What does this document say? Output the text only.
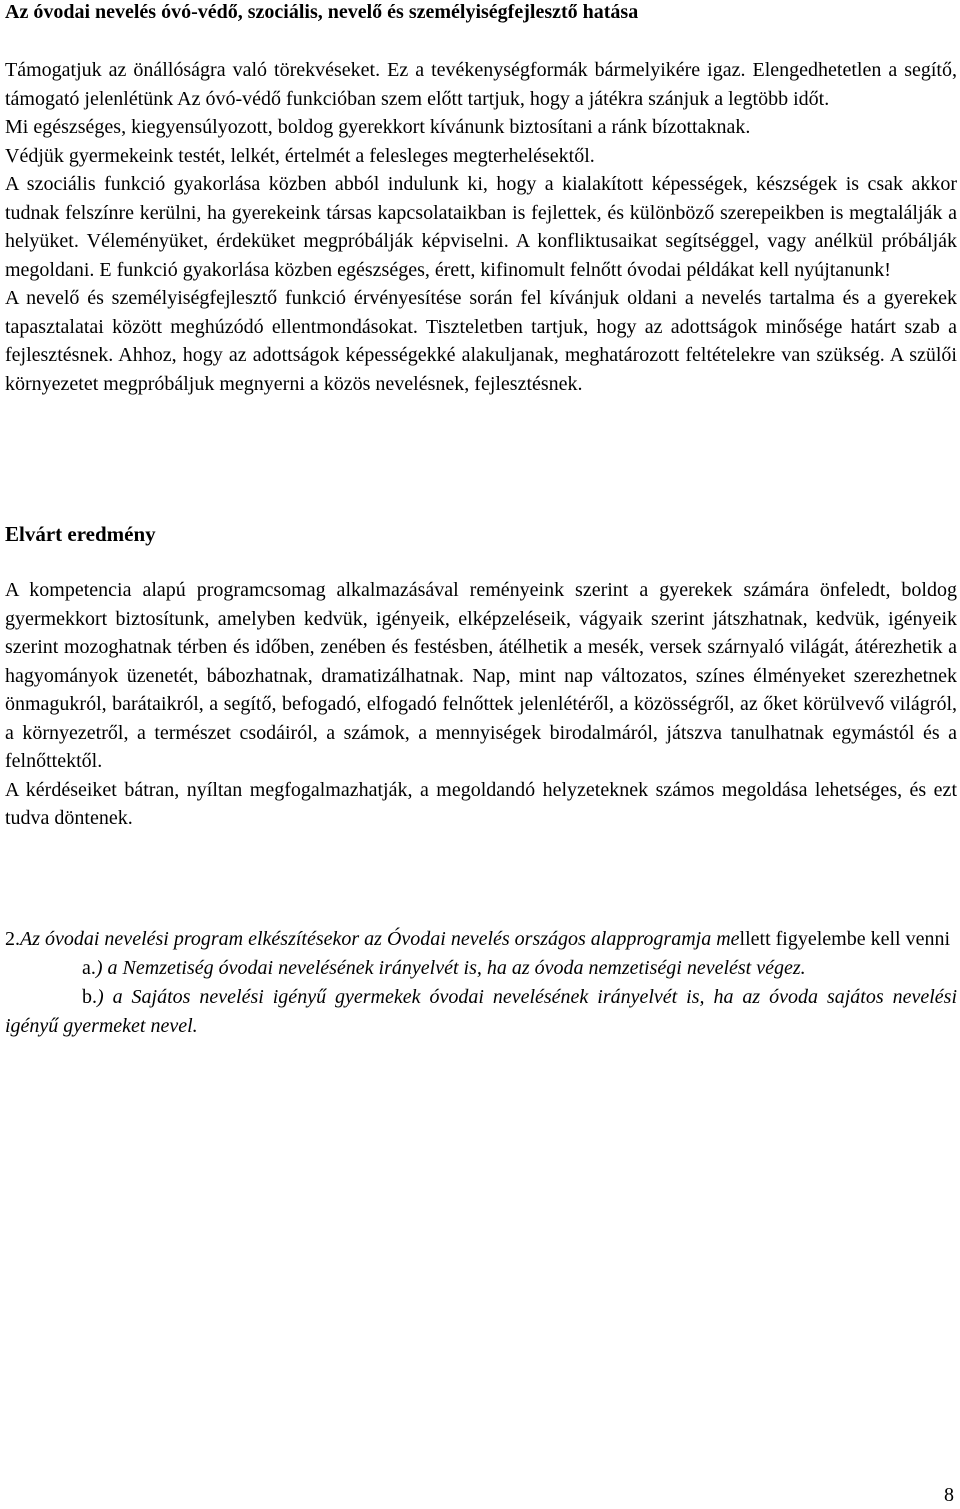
Az óvodai nevelés óvó-védő, szociális, nevelő és személyiségfejlesztő hatása

Támogatjuk az önállóságra való törekvéseket. Ez a tevékenységformák bármelyikére igaz. Elengedhetetlen a segítő, támogató jelenlétünk Az óvó-védő funkcióban szem előtt tartjuk, hogy a játékra szánjuk a legtöbb időt.

Mi egészséges, kiegyensúlyozott, boldog gyerekkort kívánunk biztosítani a ránk bízottaknak.

Védjük gyermekeink testét, lelkét, értelmét a felesleges megterhelésektől.

A szociális funkció gyakorlása közben abból indulunk ki, hogy a kialakított képességek, készségek is csak akkor tudnak felszínre kerülni, ha gyerekeink társas kapcsolataikban is fejlettek, és különböző szerepeikben is megtalálják a helyüket. Véleményüket, érdeküket megpróbálják képviselni. A konfliktusaikat segítséggel, vagy anélkül próbálják megoldani. E funkció gyakorlása közben egészséges, érett, kifinomult felnőtt óvodai példákat kell nyújtanunk!

A nevelő és személyiségfejlesztő funkció érvényesítése során fel kívánjuk oldani a nevelés tartalma és a gyerekek tapasztalatai között meghúzódó ellentmondásokat. Tiszteletben tartjuk, hogy az adottságok minősége határt szab a fejlesztésnek. Ahhoz, hogy az adottságok képességekké alakuljanak, meghatározott feltételekre van szükség. A szülői környezetet megpróbáljuk megnyerni a közös nevelésnek, fejlesztésnek.

Elvárt eredmény

A kompetencia alapú programcsomag alkalmazásával reményeink szerint a gyerekek számára önfeledt, boldog gyermekkort biztosítunk, amelyben kedvük, igényeik, elképzeléseik, vágyaik szerint játszhatnak, kedvük, igényeik szerint mozoghatnak térben és időben, zenében és festésben, átélhetik a mesék, versek szárnyaló világát, átérezhetik a hagyományok üzenetét, bábozhatnak, dramatizálhatnak. Nap, mint nap változatos, színes élményeket szerezhetnek önmagukról, barátaikról, a segítő, befogadó, elfogadó felnőttek jelenlétéről, a közösségről, az őket körülvevő világról, a környezetről, a természet csodáiról, a számok, a mennyiségek birodalmáról, játszva tanulhatnak egymástól és a felnőttektől.

A kérdéseiket bátran, nyíltan megfogalmazhatják, a megoldandó helyzeteknek számos megoldása lehetséges, és ezt tudva döntenek.

2.Az óvodai nevelési program elkészítésekor az Óvodai nevelés országos alapprogramja mellett figyelembe kell venni

a.) a Nemzetiség óvodai nevelésének irányelvét is, ha az óvoda nemzetiségi nevelést végez.

b.) a Sajátos nevelési igényű gyermekek óvodai nevelésének irányelvét is, ha az óvoda sajátos nevelési igényű gyermeket nevel.

8
